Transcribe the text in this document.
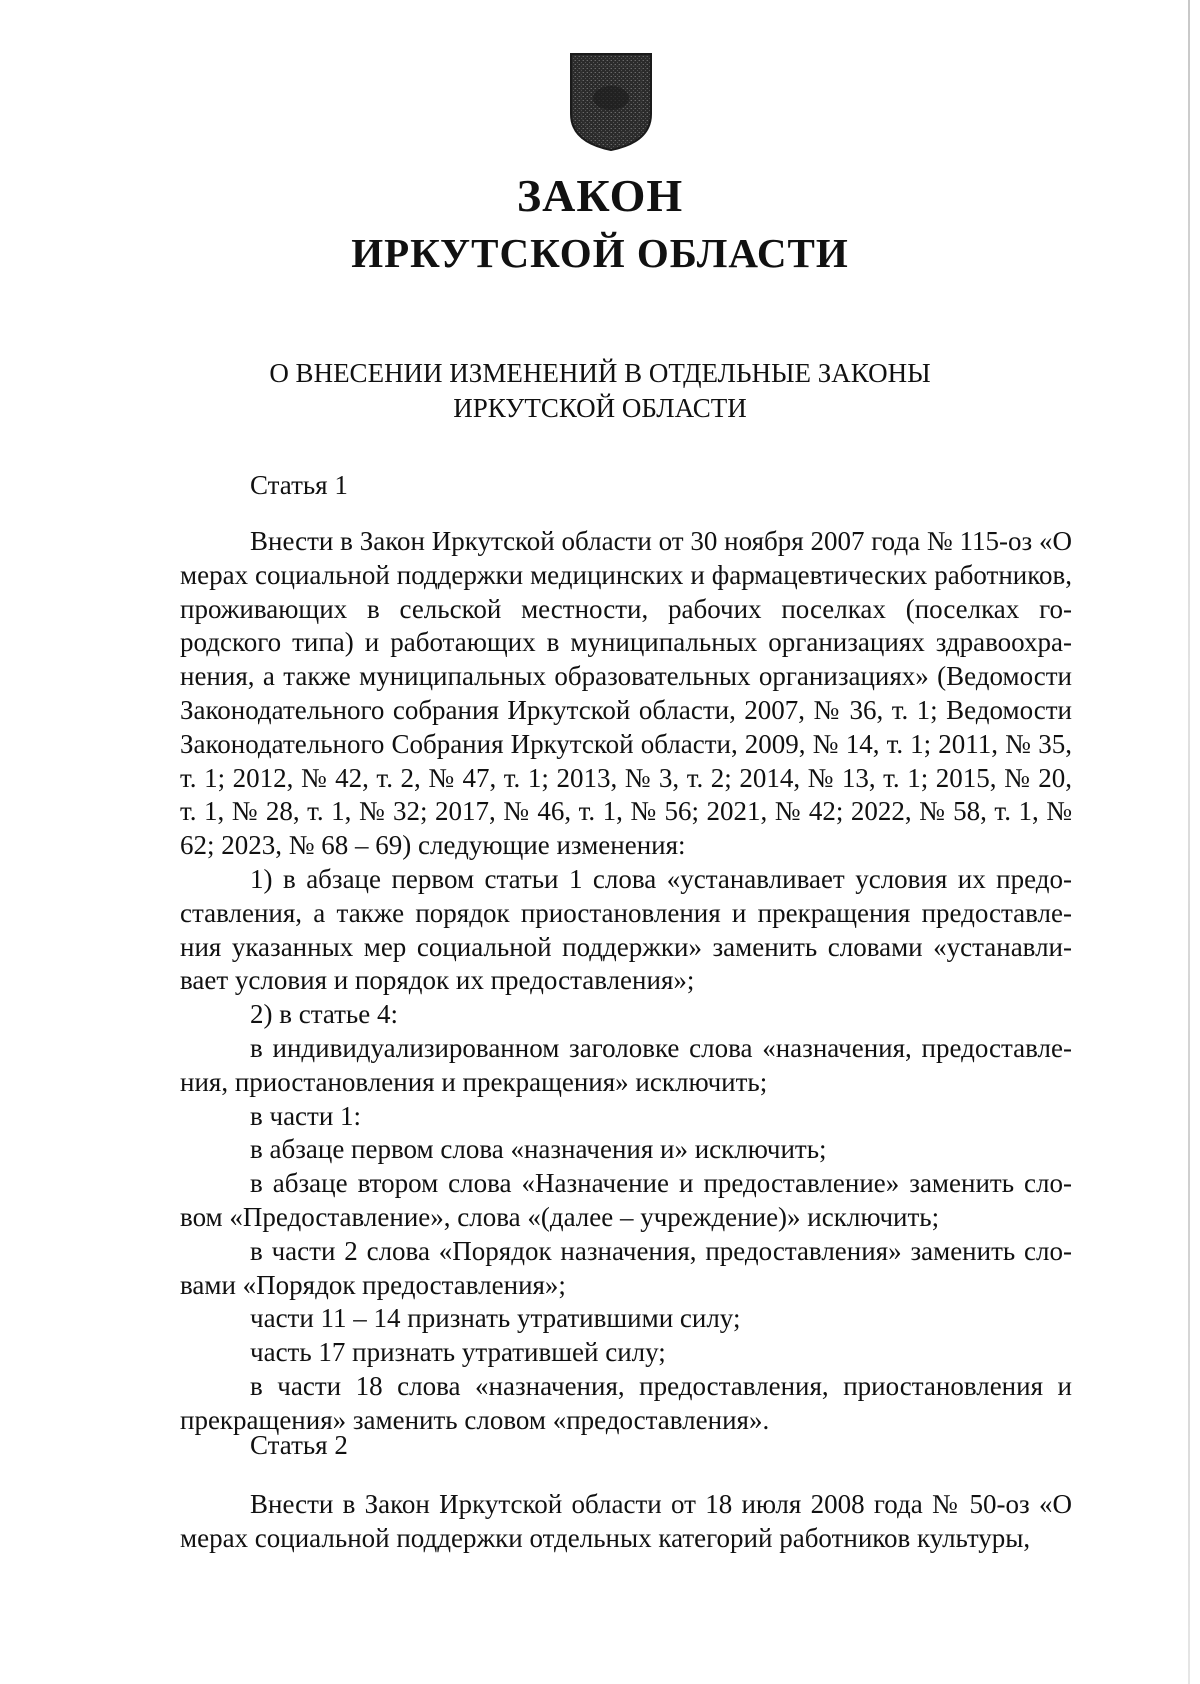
ЗАКОН
ИРКУТСКОЙ ОБЛАСТИ
О ВНЕСЕНИИ ИЗМЕНЕНИЙ В ОТДЕЛЬНЫЕ ЗАКОНЫ
ИРКУТСКОЙ ОБЛАСТИ
Статья 1

Внести в Закон Иркутской области от 30 ноября 2007 года № 115-оз «О мерах социальной поддержки медицинских и фармацевтических работников, проживающих в сельской местности, рабочих поселках (поселках городского типа) и работающих в муниципальных организациях здравоохранения, а также муниципальных образовательных организациях» (Ведомости Законодательного собрания Иркутской области, 2007, № 36, т. 1; Ведомости Законодательного Собрания Иркутской области, 2009, № 14, т. 1; 2011, № 35, т. 1; 2012, № 42, т. 2, № 47, т. 1; 2013, № 3, т. 2; 2014, № 13, т. 1; 2015, № 20, т. 1, № 28, т. 1, № 32; 2017, № 46, т. 1, № 56; 2021, № 42; 2022, № 58, т. 1, № 62; 2023, № 68 – 69) следующие изменения:

1) в абзаце первом статьи 1 слова «устанавливает условия их предоставления, а также порядок приостановления и прекращения предоставления указанных мер социальной поддержки» заменить словами «устанавливает условия и порядок их предоставления»;

2) в статье 4:

в индивидуализированном заголовке слова «назначения, предоставления, приостановления и прекращения» исключить;

в части 1:

в абзаце первом слова «назначения и» исключить;

в абзаце втором слова «Назначение и предоставление» заменить словом «Предоставление», слова «(далее – учреждение)» исключить;

в части 2 слова «Порядок назначения, предоставления» заменить словами «Порядок предоставления»;

части 11 – 14 признать утратившими силу;

часть 17 признать утратившей силу;

в части 18 слова «назначения, предоставления, приостановления и прекращения» заменить словом «предоставления».

Статья 2

Внести в Закон Иркутской области от 18 июля 2008 года № 50-оз «О мерах социальной поддержки отдельных категорий работников культуры,
